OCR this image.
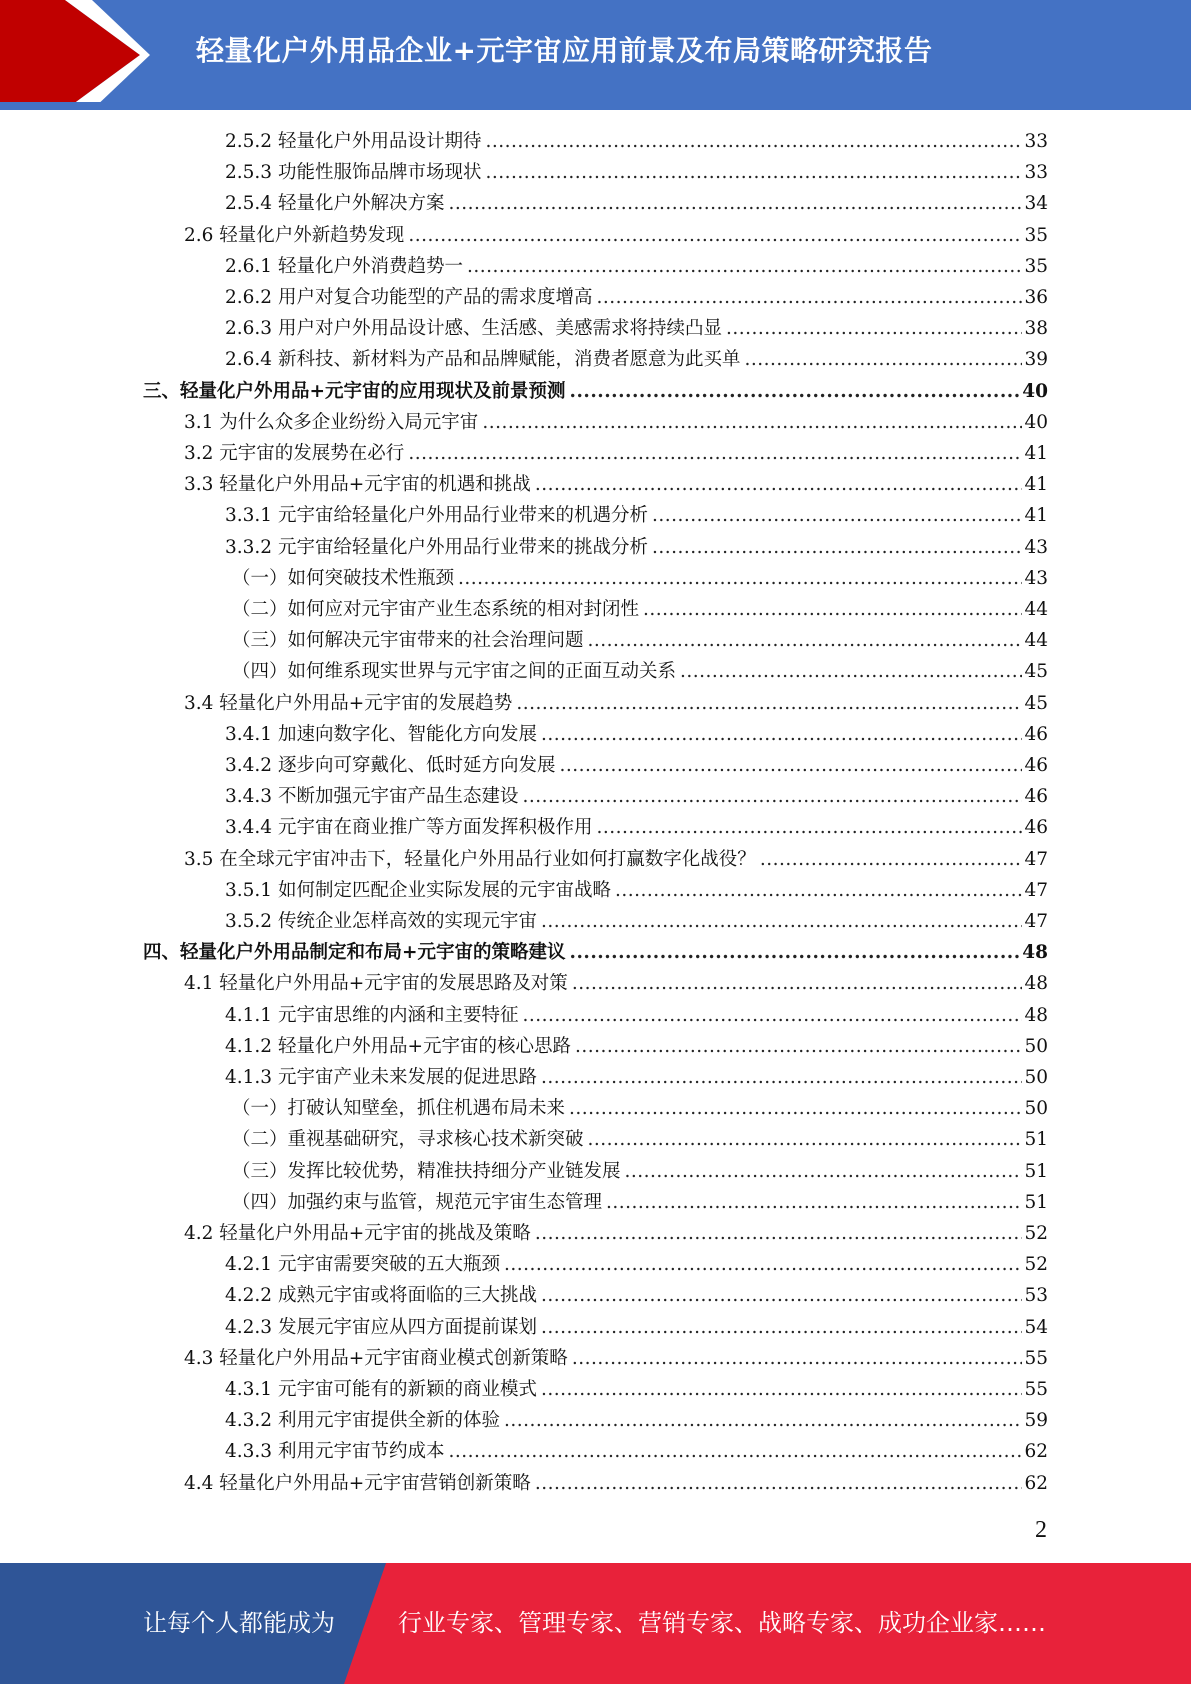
轻量化户外用品企业+元宇宙应用前景及布局策略研究报告
2.5.2 轻量化户外用品设计期待 .....	33
2.5.3 功能性服饰品牌市场现状 .....	33
2.5.4 轻量化户外解决方案 .....	34
2.6 轻量化户外新趋势发现 .....	35
2.6.1 轻量化户外消费趋势一 .....	35
2.6.2 用户对复合功能型的产品的需求度增高 .....	36
2.6.3 用户对户外用品设计感、生活感、美感需求将持续凸显 .....	38
2.6.4 新科技、新材料为产品和品牌赋能，消费者愿意为此买单 .....	39
三、轻量化户外用品+元宇宙的应用现状及前景预测 .....	40
3.1 为什么众多企业纷纷入局元宇宙 .....	40
3.2 元宇宙的发展势在必行 .....	41
3.3 轻量化户外用品+元宇宙的机遇和挑战 .....	41
3.3.1 元宇宙给轻量化户外用品行业带来的机遇分析 .....	41
3.3.2 元宇宙给轻量化户外用品行业带来的挑战分析 .....	43
（一）如何突破技术性瓶颈 .....	43
（二）如何应对元宇宙产业生态系统的相对封闭性 .....	44
（三）如何解决元宇宙带来的社会治理问题 .....	44
（四）如何维系现实世界与元宇宙之间的正面互动关系 .....	45
3.4 轻量化户外用品+元宇宙的发展趋势 .....	45
3.4.1 加速向数字化、智能化方向发展 .....	46
3.4.2 逐步向可穿戴化、低时延方向发展 .....	46
3.4.3 不断加强元宇宙产品生态建设 .....	46
3.4.4 元宇宙在商业推广等方面发挥积极作用 .....	46
3.5 在全球元宇宙冲击下，轻量化户外用品行业如何打赢数字化战役？ .....	47
3.5.1 如何制定匹配企业实际发展的元宇宙战略 .....	47
3.5.2 传统企业怎样高效的实现元宇宙 .....	47
四、轻量化户外用品制定和布局+元宇宙的策略建议 .....	48
4.1 轻量化户外用品+元宇宙的发展思路及对策 .....	48
4.1.1 元宇宙思维的内涵和主要特征 .....	48
4.1.2 轻量化户外用品+元宇宙的核心思路 .....	50
4.1.3 元宇宙产业未来发展的促进思路 .....	50
（一）打破认知壁垒，抓住机遇布局未来 .....	50
（二）重视基础研究，寻求核心技术新突破 .....	51
（三）发挥比较优势，精准扶持细分产业链发展 .....	51
（四）加强约束与监管，规范元宇宙生态管理 .....	51
4.2 轻量化户外用品+元宇宙的挑战及策略 .....	52
4.2.1 元宇宙需要突破的五大瓶颈 .....	52
4.2.2 成熟元宇宙或将面临的三大挑战 .....	53
4.2.3 发展元宇宙应从四方面提前谋划 .....	54
4.3 轻量化户外用品+元宇宙商业模式创新策略 .....	55
4.3.1 元宇宙可能有的新颖的商业模式 .....	55
4.3.2 利用元宇宙提供全新的体验 .....	59
4.3.3 利用元宇宙节约成本 .....	62
4.4 轻量化户外用品+元宇宙营销创新策略 .....	62
2
让每个人都能成为	行业专家、管理专家、营销专家、战略专家、成功企业家……
